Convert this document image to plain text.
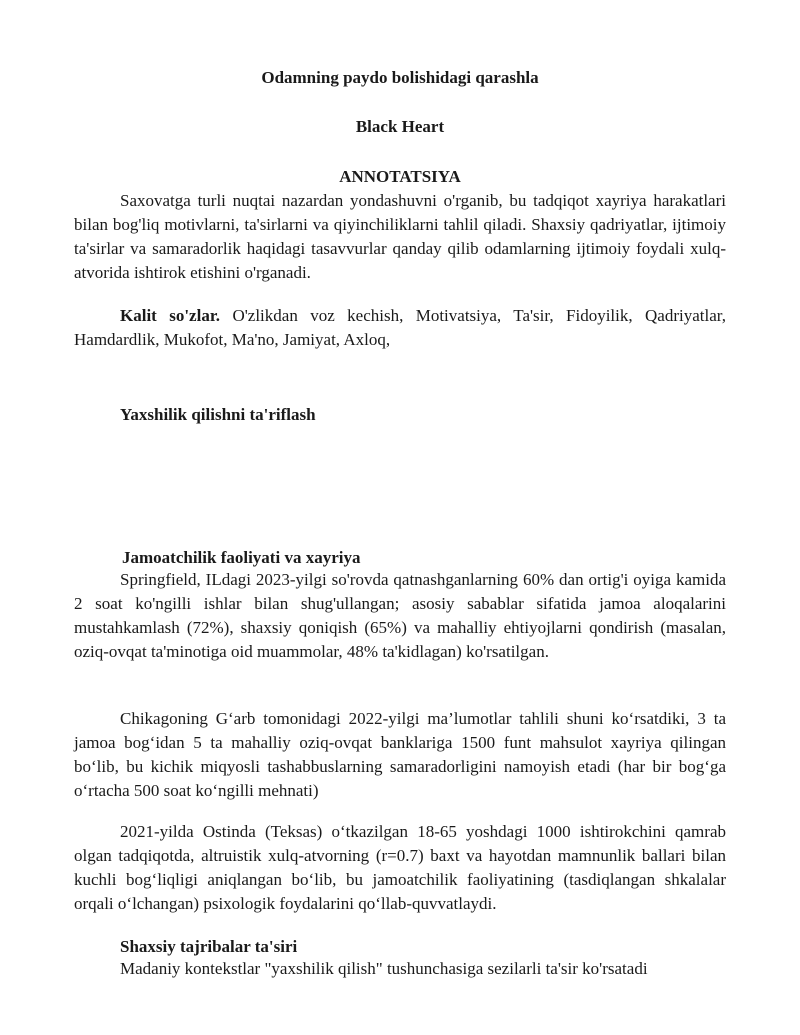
Odamning paydo bolishidagi qarashla
Black Heart
ANNOTATSIYA

Saxovatga turli nuqtai nazardan yondashuvni o'rganib, bu tadqiqot xayriya harakatlari bilan bog'liq motivlarni, ta'sirlarni va qiyinchiliklarni tahlil qiladi. Shaxsiy qadriyatlar, ijtimoiy ta'sirlar va samaradorlik haqidagi tasavvurlar qanday qilib odamlarning ijtimoiy foydali xulq-atvorida ishtirok etishini o'rganadi.

Kalit so'zlar. O'zlikdan voz kechish, Motivatsiya, Ta'sir, Fidoyilik, Qadriyatlar, Hamdardlik, Mukofot, Ma'no, Jamiyat, Axloq,

Yaxshilik qilishni ta'riflash
Jamoatchilik faoliyati va xayriya

Springfield, ILdagi 2023-yilgi so'rovda qatnashganlarning 60% dan ortig'i oyiga kamida 2 soat ko'ngilli ishlar bilan shug'ullangan; asosiy sabablar sifatida jamoa aloqalarini mustahkamlash (72%), shaxsiy qoniqish (65%) va mahalliy ehtiyojlarni qondirish (masalan, oziq-ovqat ta'minotiga oid muammolar, 48% ta'kidlagan) ko'rsatilgan.

Chikagoning G‘arb tomonidagi 2022-yilgi ma’lumotlar tahlili shuni ko‘rsatdiki, 3 ta jamoa bog‘idan 5 ta mahalliy oziq-ovqat banklariga 1500 funt mahsulot xayriya qilingan bo‘lib, bu kichik miqyosli tashabbuslarning samaradorligini namoyish etadi (har bir bog‘ga o‘rtacha 500 soat ko‘ngilli mehnati)

2021-yilda Ostinda (Teksas) o‘tkazilgan 18-65 yoshdagi 1000 ishtirokchini qamrab olgan tadqiqotda, altruistik xulq-atvorning (r=0.7) baxt va hayotdan mamnunlik ballari bilan kuchli bog‘liqligi aniqlangan bo‘lib, bu jamoatchilik faoliyatining (tasdiqlangan shkalalar orqali o‘lchangan) psixologik foydalarini qo‘llab-quvvatlaydi.

Shaxsiy tajribalar ta'siri

Madaniy kontekstlar "yaxshilik qilish" tushunchasiga sezilarli ta'sir ko'rsatadi
